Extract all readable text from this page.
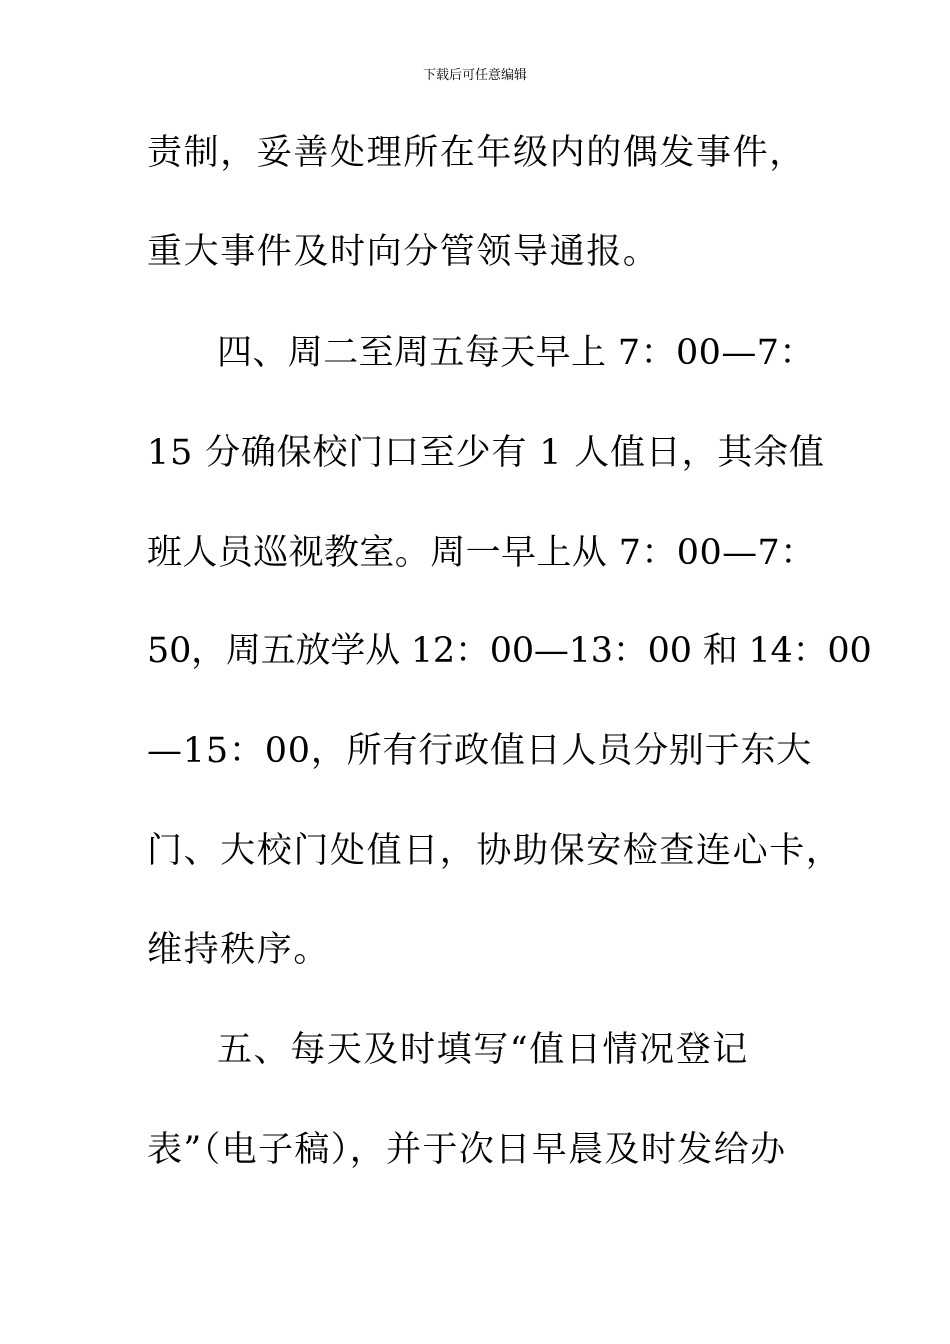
下载后可任意编辑
责制，妥善处理所在年级内的偶发事件，
重大事件及时向分管领导通报。
四、周二至周五每天早上 7：00—7：
15 分确保校门口至少有 1 人值日，其余值
班人员巡视教室。周一早上从 7：00—7：
50，周五放学从 12：00—13：00 和 14：00
—15：00，所有行政值日人员分别于东大
门、大校门处值日，协助保安检查连心卡，
维持秩序。
五、每天及时填写“值日情况登记
表”（电子稿），并于次日早晨及时发给办
